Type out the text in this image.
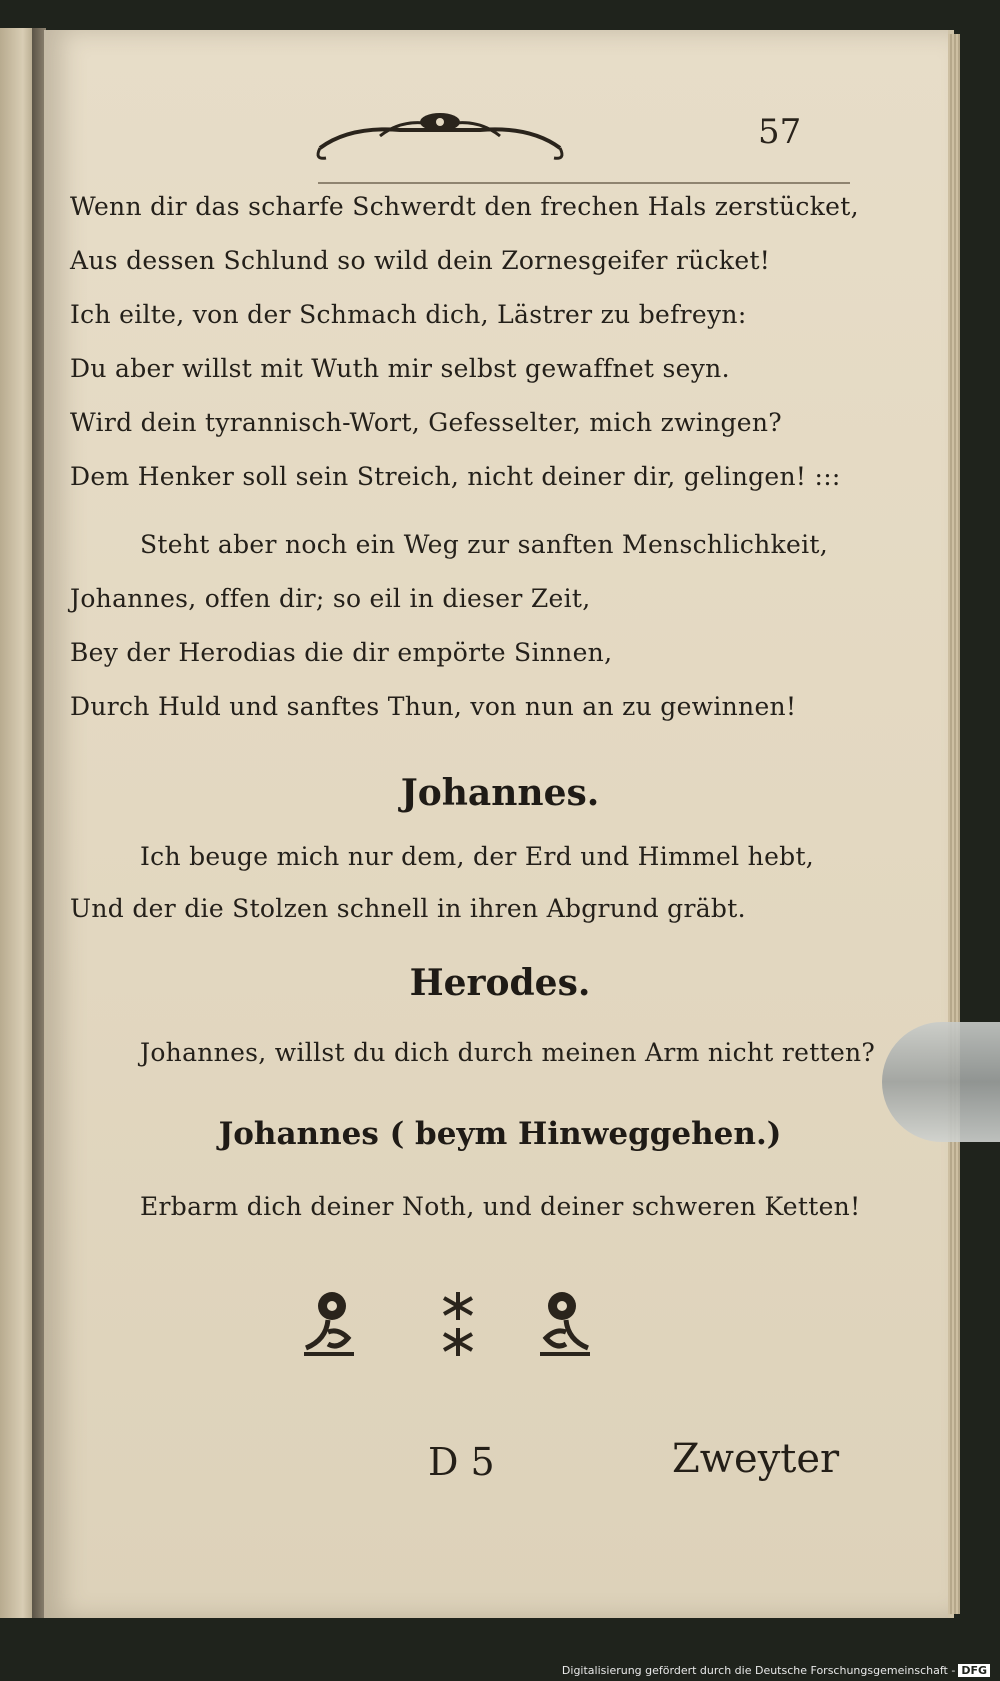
57
Wenn dir das scharfe Schwerdt den frechen Hals zerstücket,
Aus dessen Schlund so wild dein Zornesgeifer rücket!
Ich eilte, von der Schmach dich, Lästrer zu befreyn:
Du aber willst mit Wuth mir selbst gewaffnet seyn.
Wird dein tyrannisch-Wort, Gefesselter, mich zwingen?
Dem Henker soll sein Streich, nicht deiner dir, gelingen! :::
Steht aber noch ein Weg zur sanften Menschlichkeit,
Johannes, offen dir; so eil in dieser Zeit,
Bey der Herodias die dir empörte Sinnen,
Durch Huld und sanftes Thun, von nun an zu gewinnen!
Johannes.
Ich beuge mich nur dem, der Erd und Himmel hebt,
Und der die Stolzen schnell in ihren Abgrund gräbt.
Herodes.
Johannes, willst du dich durch meinen Arm nicht retten?
Johannes ( beym Hinweggehen.)
Erbarm dich deiner Noth, und deiner schweren Ketten!
D 5	Zweyter
Digitalisierung gefördert durch die Deutsche Forschungsgemeinschaft - DFG
